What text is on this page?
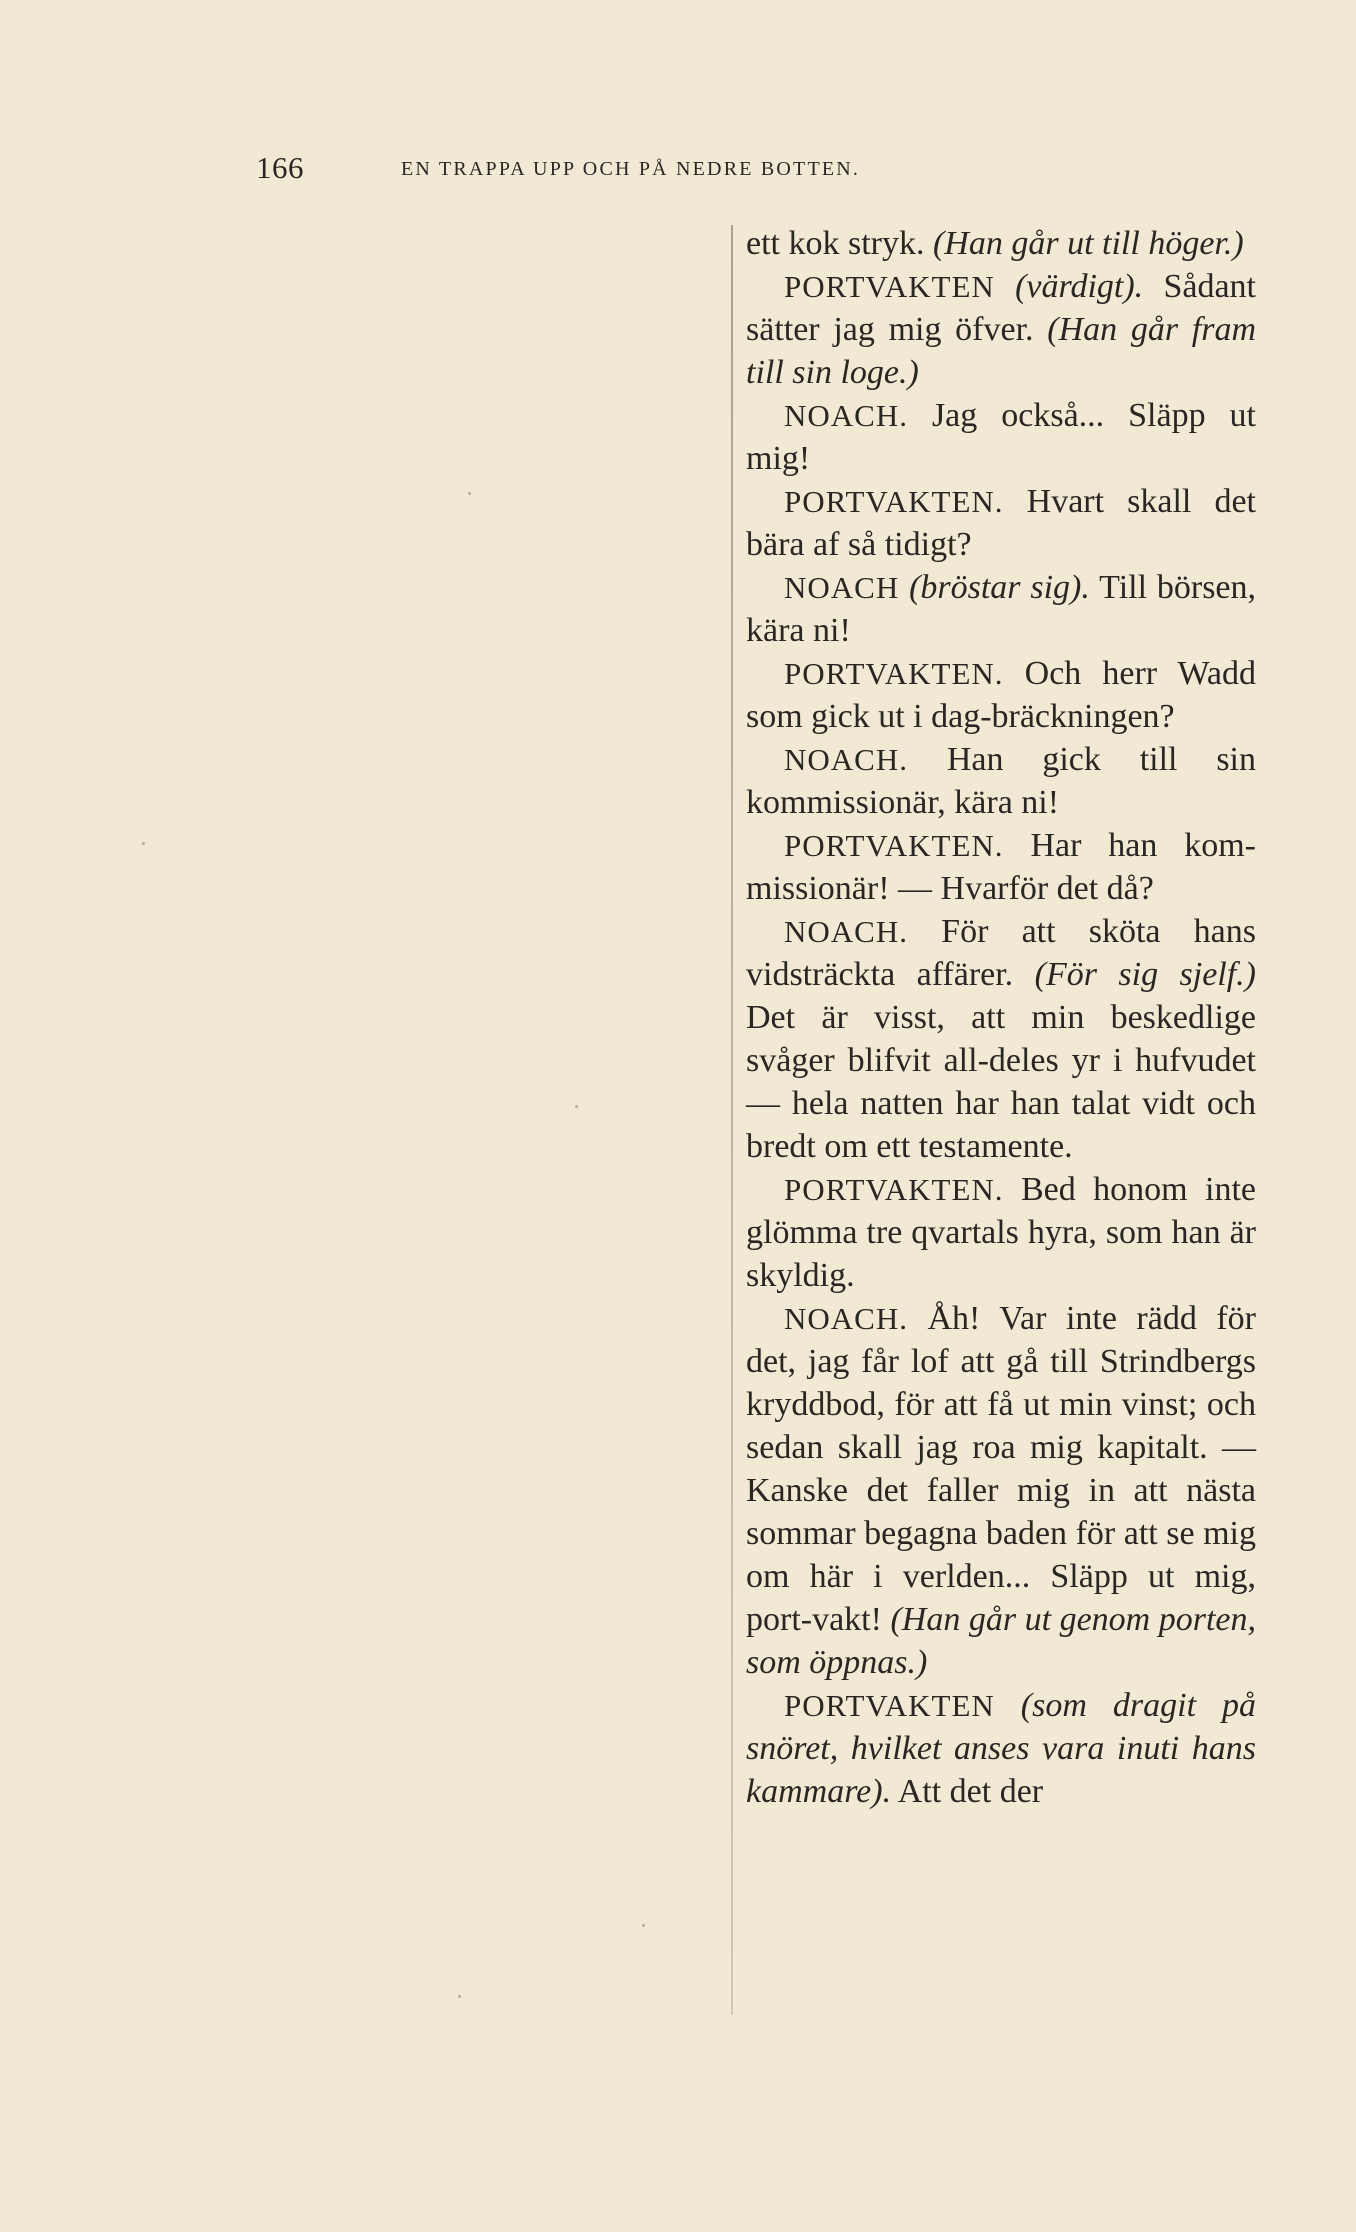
166	EN TRAPPA UPP OCH PÅ NEDRE BOTTEN.

ett kok stryk. (Han går ut till höger.)

PORTVAKTEN (värdigt). Sådant sätter jag mig öfver. (Han går fram till sin loge.)

NOACH. Jag också... Släpp ut mig!

PORTVAKTEN. Hvart skall det bära af så tidigt?

NOACH (bröstar sig). Till börsen, kära ni!

PORTVAKTEN. Och herr Wadd som gick ut i dag-bräckningen?

NOACH. Han gick till sin kommissionär, kära ni!

PORTVAKTEN. Har han kom-missionär! — Hvarför det då?

NOACH. För att sköta hans vidsträckta affärer. (För sig sjelf.) Det är visst, att min beskedlige svåger blifvit all-deles yr i hufvudet — hela natten har han talat vidt och bredt om ett testamente.

PORTVAKTEN. Bed honom inte glömma tre qvartals hyra, som han är skyldig.

NOACH. Åh! Var inte rädd för det, jag får lof att gå till Strindbergs kryddbod, för att få ut min vinst; och sedan skall jag roa mig kapitalt. — Kanske det faller mig in att nästa sommar begagna baden för att se mig om här i verlden... Släpp ut mig, port-vakt! (Han går ut genom porten, som öppnas.)

PORTVAKTEN (som dragit på snöret, hvilket anses vara inuti hans kammare). Att det der
